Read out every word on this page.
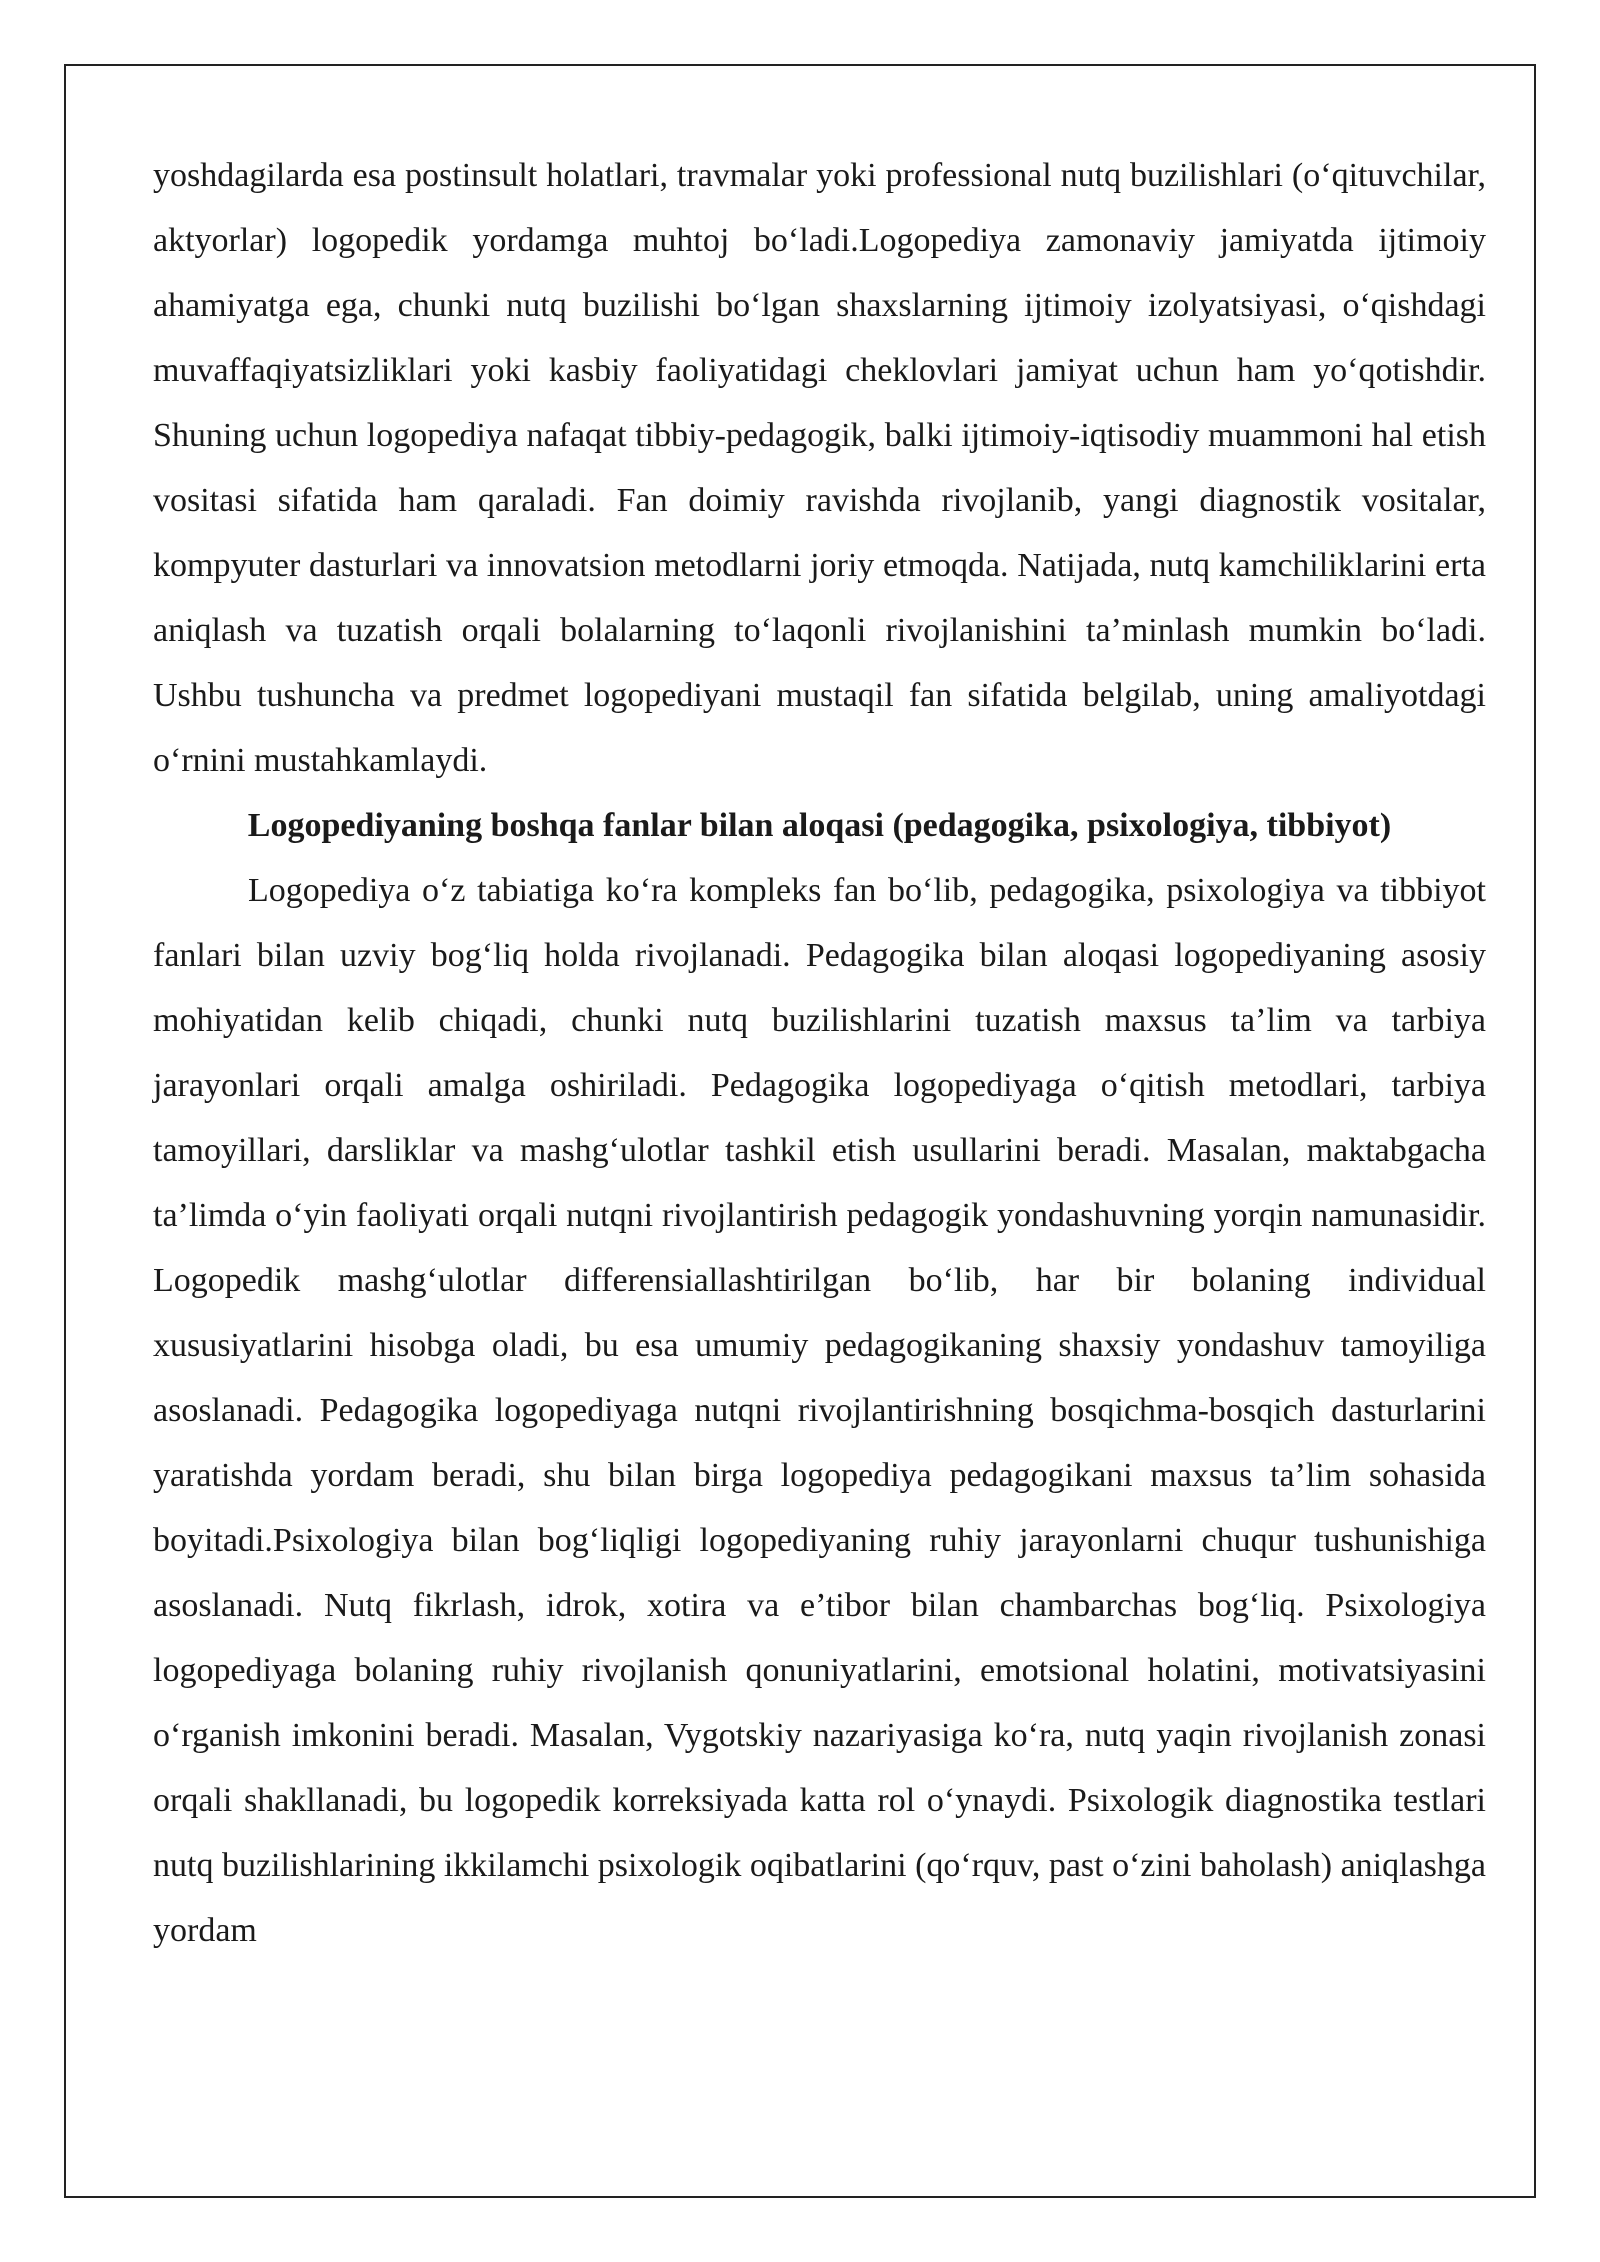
yoshdagilarda esa postinsult holatlari, travmalar yoki professional nutq buzilishlari (o‘qituvchilar, aktyorlar) logopedik yordamga muhtoj bo‘ladi.Logopediya zamonaviy jamiyatda ijtimoiy ahamiyatga ega, chunki nutq buzilishi bo‘lgan shaxslarning ijtimoiy izolyatsiyasi, o‘qishdagi muvaffaqiyatsizliklari yoki kasbiy faoliyatidagi cheklovlari jamiyat uchun ham yo‘qotishdir. Shuning uchun logopediya nafaqat tibbiy-pedagogik, balki ijtimoiy-iqtisodiy muammoni hal etish vositasi sifatida ham qaraladi. Fan doimiy ravishda rivojlanib, yangi diagnostik vositalar, kompyuter dasturlari va innovatsion metodlarni joriy etmoqda. Natijada, nutq kamchiliklarini erta aniqlash va tuzatish orqali bolalarning to‘laqonli rivojlanishini ta’minlash mumkin bo‘ladi. Ushbu tushuncha va predmet logopediyani mustaqil fan sifatida belgilab, uning amaliyotdagi o‘rnini mustahkamlaydi.

Logopediyaning boshqa fanlar bilan aloqasi (pedagogika, psixologiya, tibbiyot)

Logopediya o‘z tabiatiga ko‘ra kompleks fan bo‘lib, pedagogika, psixologiya va tibbiyot fanlari bilan uzviy bog‘liq holda rivojlanadi. Pedagogika bilan aloqasi logopediyaning asosiy mohiyatidan kelib chiqadi, chunki nutq buzilishlarini tuzatish maxsus ta’lim va tarbiya jarayonlari orqali amalga oshiriladi. Pedagogika logopediyaga o‘qitish metodlari, tarbiya tamoyillari, darsliklar va mashg‘ulotlar tashkil etish usullarini beradi. Masalan, maktabgacha ta’limda o‘yin faoliyati orqali nutqni rivojlantirish pedagogik yondashuvning yorqin namunasidir. Logopedik mashg‘ulotlar differensiallashtirilgan bo‘lib, har bir bolaning individual xususiyatlarini hisobga oladi, bu esa umumiy pedagogikaning shaxsiy yondashuv tamoyiliga asoslanadi. Pedagogika logopediyaga nutqni rivojlantirishning bosqichma-bosqich dasturlarini yaratishda yordam beradi, shu bilan birga logopediya pedagogikani maxsus ta’lim sohasida boyitadi.Psixologiya bilan bog‘liqligi logopediyaning ruhiy jarayonlarni chuqur tushunishiga asoslanadi. Nutq fikrlash, idrok, xotira va e’tibor bilan chambarchas bog‘liq. Psixologiya logopediyaga bolaning ruhiy rivojlanish qonuniyatlarini, emotsional holatini, motivatsiyasini o‘rganish imkonini beradi. Masalan, Vygotskiy nazariyasiga ko‘ra, nutq yaqin rivojlanish zonasi orqali shakllanadi, bu logopedik korreksiyada katta rol o‘ynaydi. Psixologik diagnostika testlari nutq buzilishlarining ikkilamchi psixologik oqibatlarini (qo‘rquv, past o‘zini baholash) aniqlashga yordam
